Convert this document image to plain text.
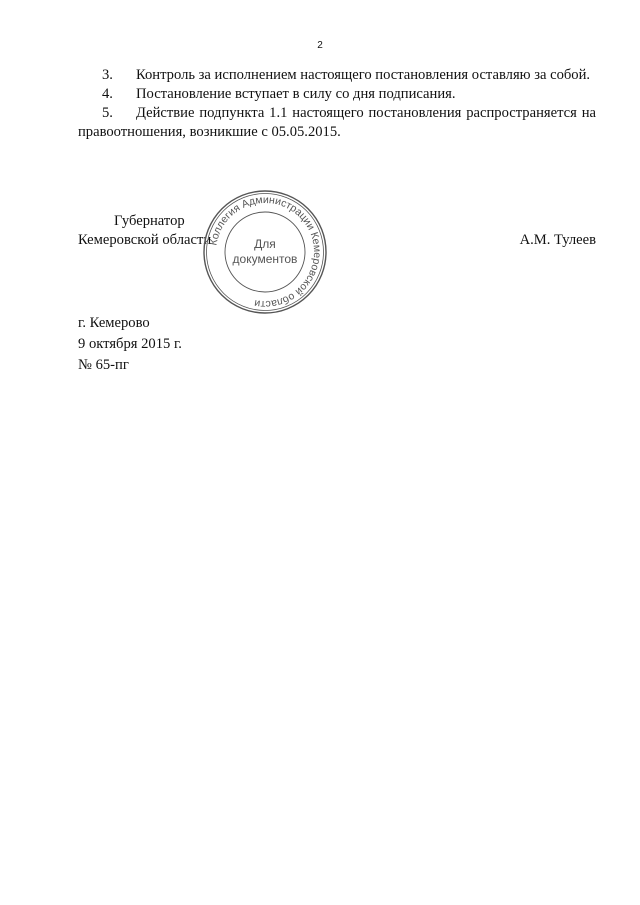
2

3. Контроль за исполнением настоящего постановления оставляю за собой.

4. Постановление вступает в силу со дня подписания.

5. Действие подпункта 1.1 настоящего постановления распространяется на правоотношения, возникшие с 05.05.2015.

Губернатор
Кемеровской области	А.М. Тулеев
Коллегия Администрации Кемеровской области
Для
документов
г. Кемерово
9 октября 2015 г.
№ 65-пг
